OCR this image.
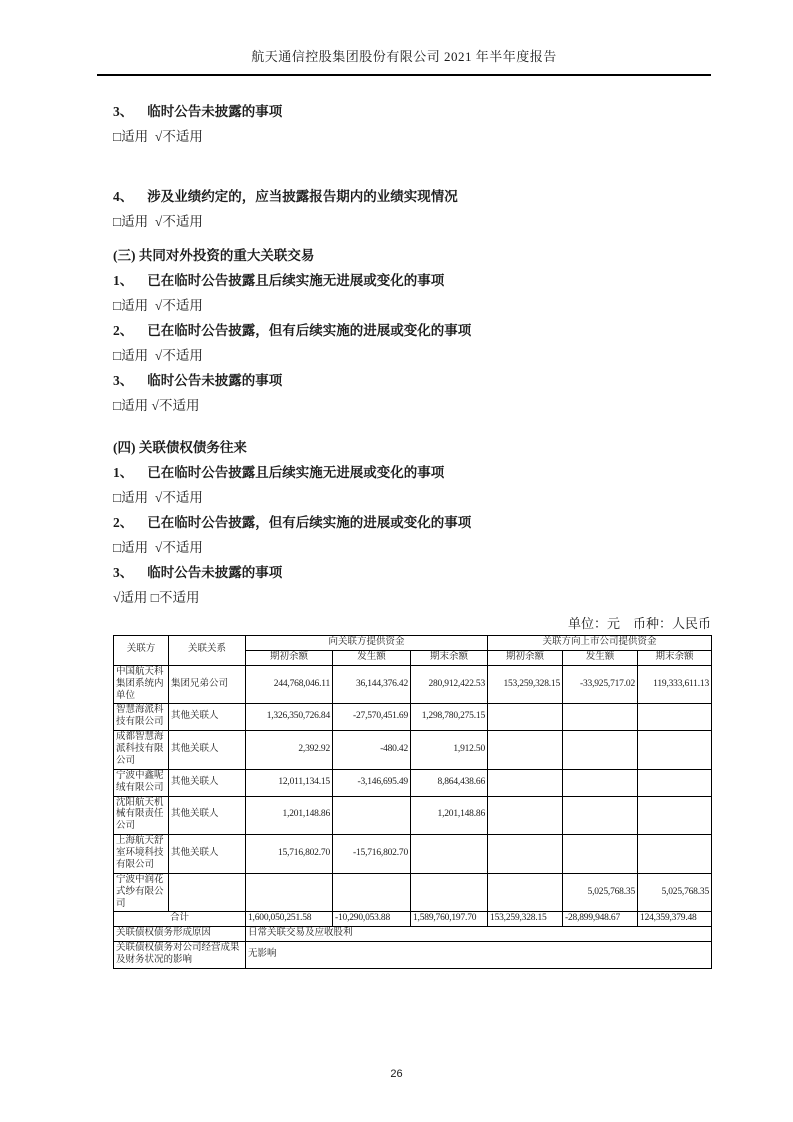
航天通信控股集团股份有限公司 2021 年半年度报告

3、 临时公告未披露的事项

□适用  √不适用

4、 涉及业绩约定的，应当披露报告期内的业绩实现情况

□适用  √不适用

(三) 共同对外投资的重大关联交易

1、 已在临时公告披露且后续实施无进展或变化的事项

□适用  √不适用

2、 已在临时公告披露，但有后续实施的进展或变化的事项

□适用  √不适用

3、 临时公告未披露的事项

□适用 √不适用

(四) 关联债权债务往来

1、 已在临时公告披露且后续实施无进展或变化的事项

□适用  √不适用

2、 已在临时公告披露，但有后续实施的进展或变化的事项

□适用  √不适用

3、 临时公告未披露的事项

√适用 □不适用

单位：元　币种：人民币
关联方	关联关系	向关联方提供资金			关联方向上市公司提供资金		
		期初余额	发生额	期末余额	期初余额	发生额	期末余额
中国航天科集团系统内单位	集团兄弟公司	244,768,046.11	36,144,376.42	280,912,422.53	153,259,328.15	-33,925,717.02	119,333,611.13
智慧海派科技有限公司	其他关联人	1,326,350,726.84	-27,570,451.69	1,298,780,275.15			
成都智慧海派科技有限公司	其他关联人	2,392.92	-480.42	1,912.50			
宁波中鑫呢绒有限公司	其他关联人	12,011,134.15	-3,146,695.49	8,864,438.66			
沈阳航天机械有限责任公司	其他关联人	1,201,148.86		1,201,148.86			
上海航天舒室环境科技有限公司	其他关联人	15,716,802.70	-15,716,802.70				
宁波中润花式纱有限公司						5,025,768.35	5,025,768.35
合计		1,600,050,251.58	-10,290,053.88	1,589,760,197.70	153,259,328.15	-28,899,948.67	124,359,379.48
关联债权债务形成原因		日常关联交易及应收股利					
关联债权债务对公司经营成果及财务状况的影响		无影响					
26
